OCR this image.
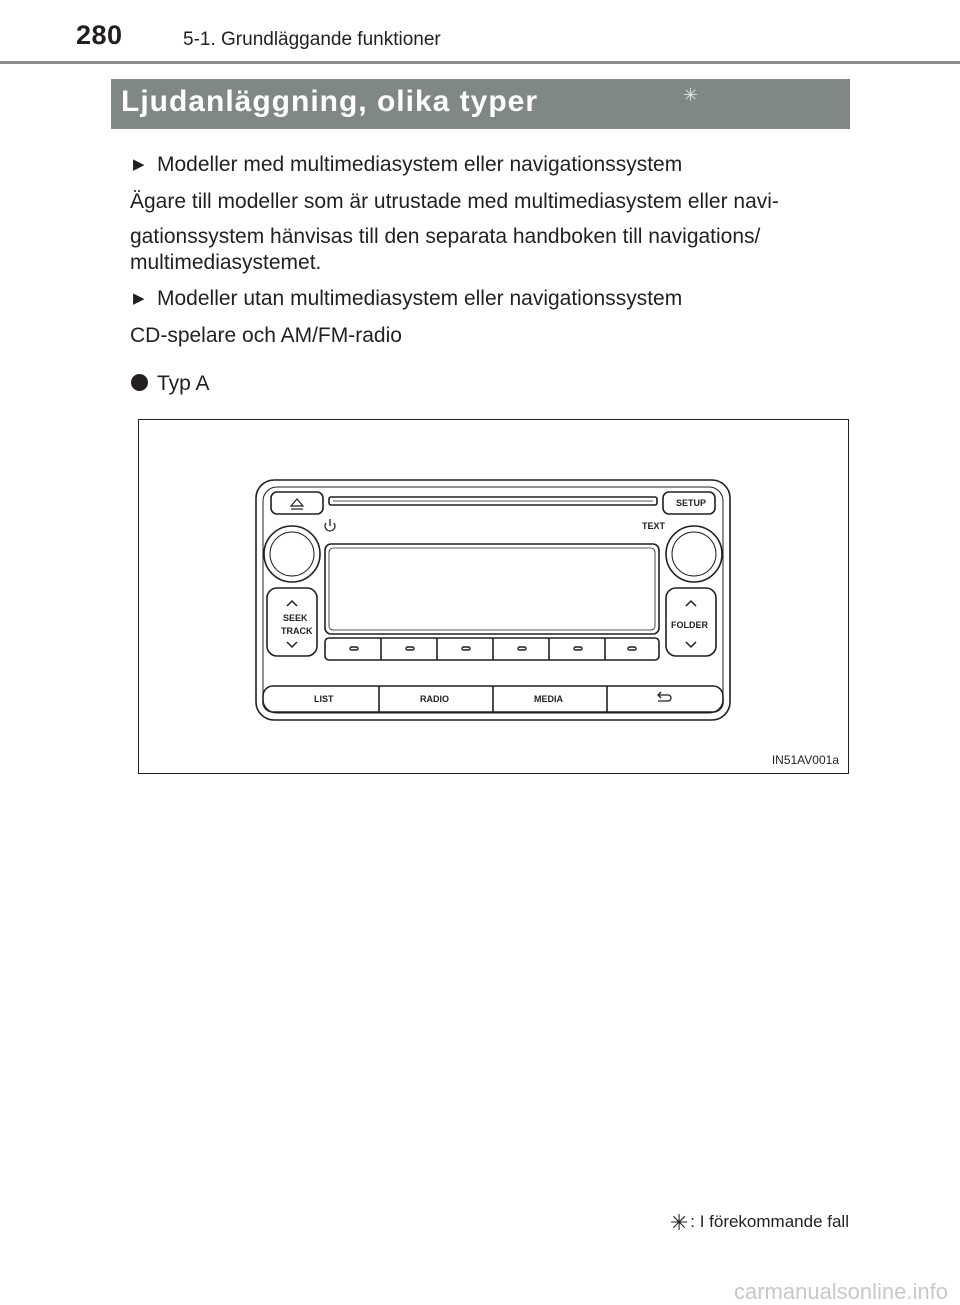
280	5-1. Grundläggande funktioner
Ljudanläggning, olika typer	✳
▶ Modeller med multimediasystem eller navigationssystem
Ägare till modeller som är utrustade med multimediasystem eller navi-
gationssystem hänvisas till den separata handboken till navigations/
multimediasystemet.
▶ Modeller utan multimediasystem eller navigationssystem
CD-spelare och AM/FM-radio
Typ A
SETUP
TEXT
SEEK
TRACK
FOLDER
LIST	RADIO	MEDIA
IN51AV001a
✳ : I förekommande fall
carmanualsonline.info
